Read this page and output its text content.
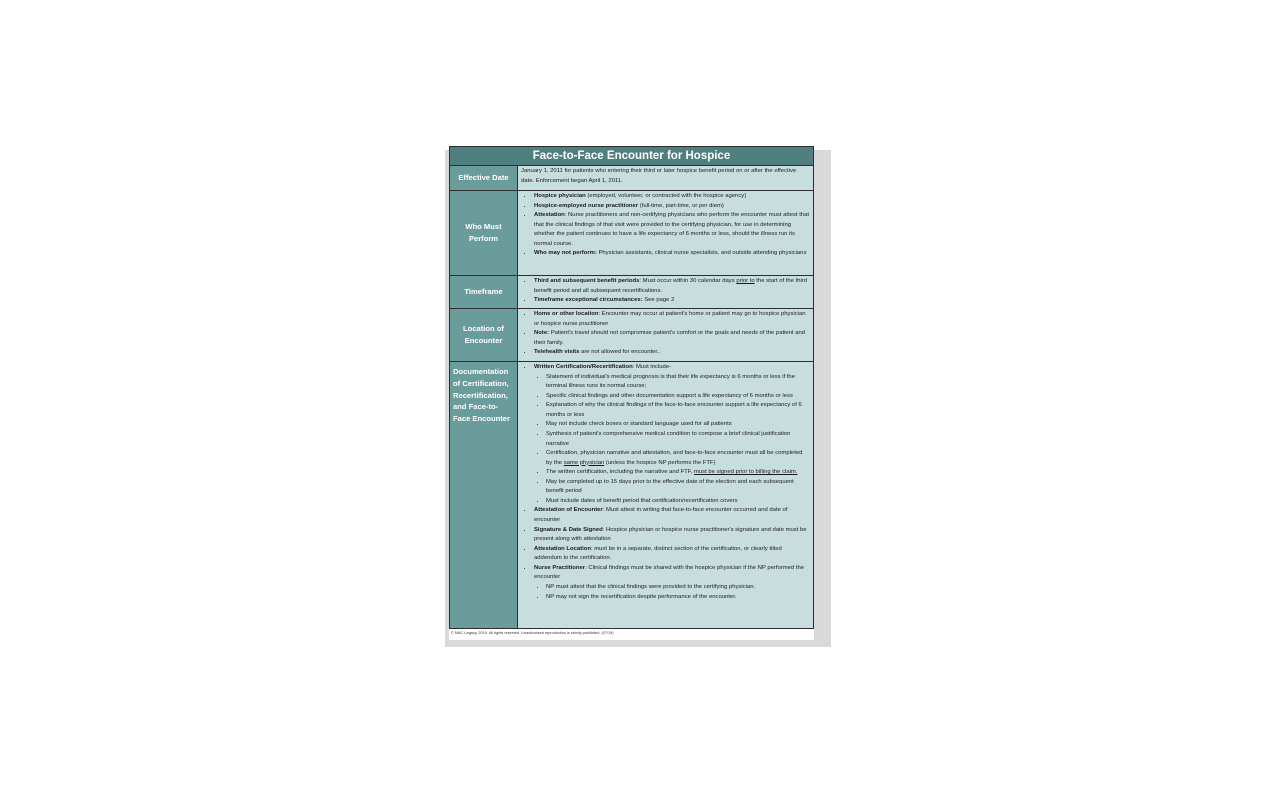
Face-to-Face Encounter for Hospice
Effective Date

January 1, 2011 for patients who entering their third or later hospice benefit period on or after the effective date. Enforcement began April 1, 2011.

Who Must Perform
• Hospice physician (employed, volunteer, or contracted with the hospice agency)
• Hospice-employed nurse practitioner (full-time, part-time, or per diem)
• Attestation: Nurse practitioners and non-certifying physicians who perform the encounter must attest that that the clinical findings of that visit were provided to the certifying physician, for use in determining whether the patient continues to have a life expectancy of 6 months or less, should the illness run its normal course.
• Who may not perform: Physician assistants, clinical nurse specialists, and outside attending physicians
Timeframe
• Third and subsequent benefit periods: Must occur within 30 calendar days prior to the start of the third benefit period and all subsequent recertifications.
• Timeframe exceptional circumstances: See page 2
Location of Encounter
• Home or other location: Encounter may occur at patient's home or patient may go to hospice physician or hospice nurse practitioner
• Note: Patient's travel should not compromise patient's comfort or the goals and needs of the patient and their family.
• Telehealth visits are not allowed for encounter..
Documentation of Certification, Recertification, and Face-to-Face Encounter
• Written Certification/Recertification: Must include-
• Statement of individual's medical prognosis is that their life expectancy is 6 months or less if the terminal illness runs its normal course;
• Specific clinical findings and other documentation support a life expectancy of 6 months or less
• Explanation of why the clinical findings of the face-to-face encounter support a life expectancy of 6 months or less
• May not include check boxes or standard language used for all patients
• Synthesis of patient's comprehensive medical condition to compose a brief clinical justification narrative
• Certification, physician narrative and attestation, and face-to-face encounter must all be completed by the same physician (unless the hospice NP performs the FTF)
• The written certification, including the narrative and FTF, must be signed prior to billing the claim.
• May be completed up to 15 days prior to the effective date of the election and each subsequent benefit period
• Must include dates of benefit period that certification/recertification covers
• Attestation of Encounter: Must attest in writing that face-to-face encounter occurred and date of encounter
• Signature & Date Signed: Hospice physician or hospice nurse practitioner's signature and date must be present along with attestation
• Attestation Location: must be in a separate, distinct section of the certification, or clearly titled addendum to the certification.
• Nurse Practitioner: Clinical findings must be shared with the hospice physician if the NP performed the encounter
• NP must attest that the clinical findings were provided to the certifying physician.
• NP may not sign the recertification despite performance of the encounter.
© MAC Legacy, 2019. All rights reserved. Unauthorized reproduction is strictly prohibited. (07/19)
